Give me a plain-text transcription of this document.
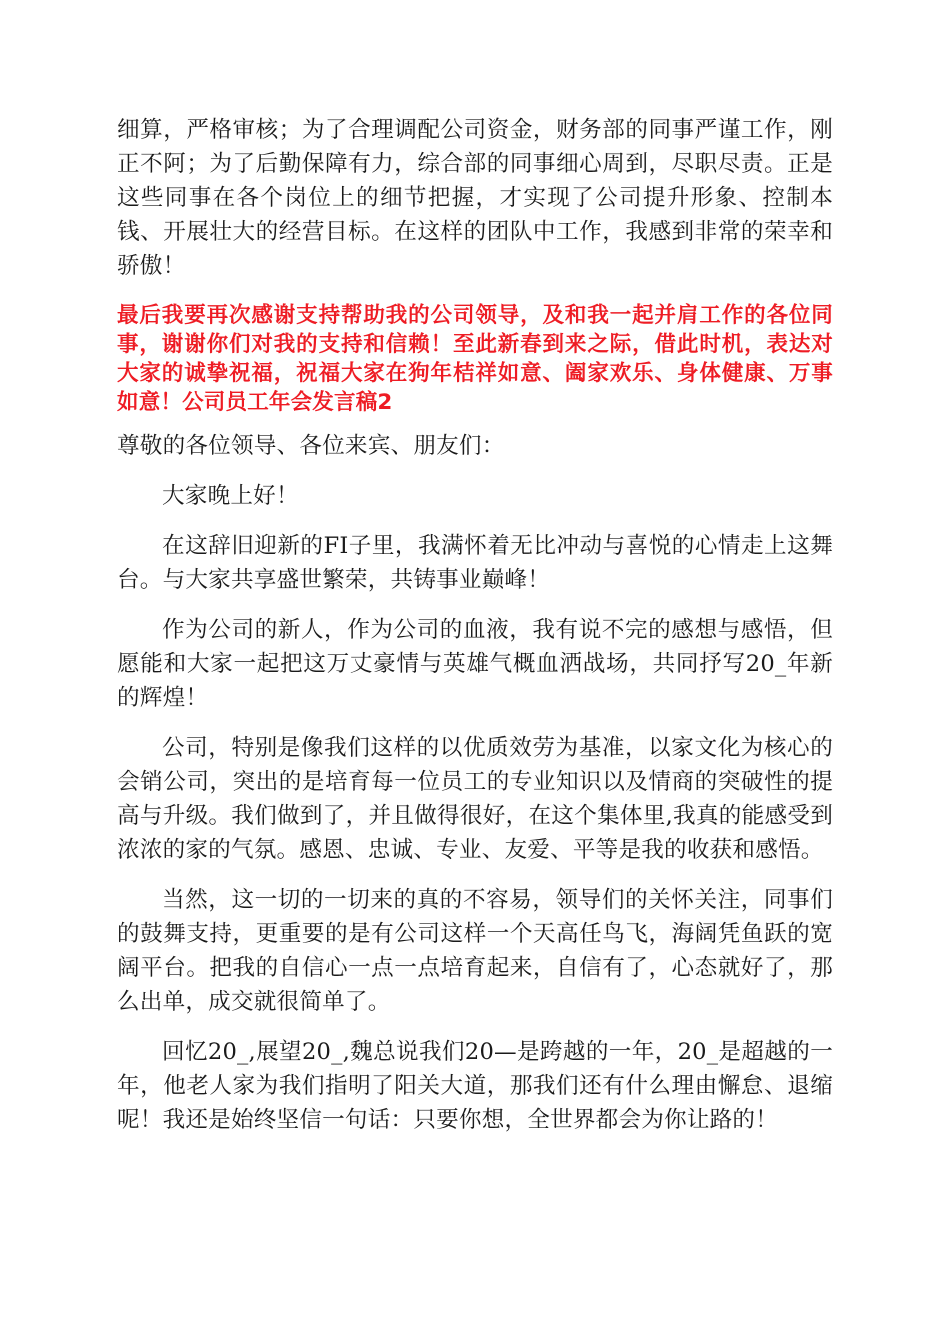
细算，严格审核；为了合理调配公司资金，财务部的同事严谨工作，刚正不阿；为了后勤保障有力，综合部的同事细心周到，尽职尽责。正是这些同事在各个岗位上的细节把握，才实现了公司提升形象、控制本钱、开展壮大的经营目标。在这样的团队中工作，我感到非常的荣幸和骄傲！

最后我要再次感谢支持帮助我的公司领导，及和我一起并肩工作的各位同事，谢谢你们对我的支持和信赖！至此新春到来之际，借此时机，表达对大家的诚挚祝福，祝福大家在狗年桔祥如意、阖家欢乐、身体健康、万事如意！公司员工年会发言稿2

尊敬的各位领导、各位来宾、朋友们：

大家晚上好！

在这辞旧迎新的FI子里，我满怀着无比冲动与喜悦的心情走上这舞台。与大家共享盛世繁荣，共铸事业巅峰！

作为公司的新人，作为公司的血液，我有说不完的感想与感悟，但愿能和大家一起把这万丈豪情与英雄气概血洒战场，共同抒写20_年新的辉煌！

公司，特别是像我们这样的以优质效劳为基准，以家文化为核心的会销公司，突出的是培育每一位员工的专业知识以及情商的突破性的提高与升级。我们做到了，并且做得很好，在这个集体里,我真的能感受到浓浓的家的气氛。感恩、忠诚、专业、友爱、平等是我的收获和感悟。

当然，这一切的一切来的真的不容易，领导们的关怀关注，同事们的鼓舞支持，更重要的是有公司这样一个天高任鸟飞，海阔凭鱼跃的宽阔平台。把我的自信心一点一点培育起来，自信有了，心态就好了，那么出单，成交就很简单了。

回忆20_,展望20_,魏总说我们20—是跨越的一年，20_是超越的一年，他老人家为我们指明了阳关大道，那我们还有什么理由懈怠、退缩呢！我还是始终坚信一句话：只要你想，全世界都会为你让路的！
